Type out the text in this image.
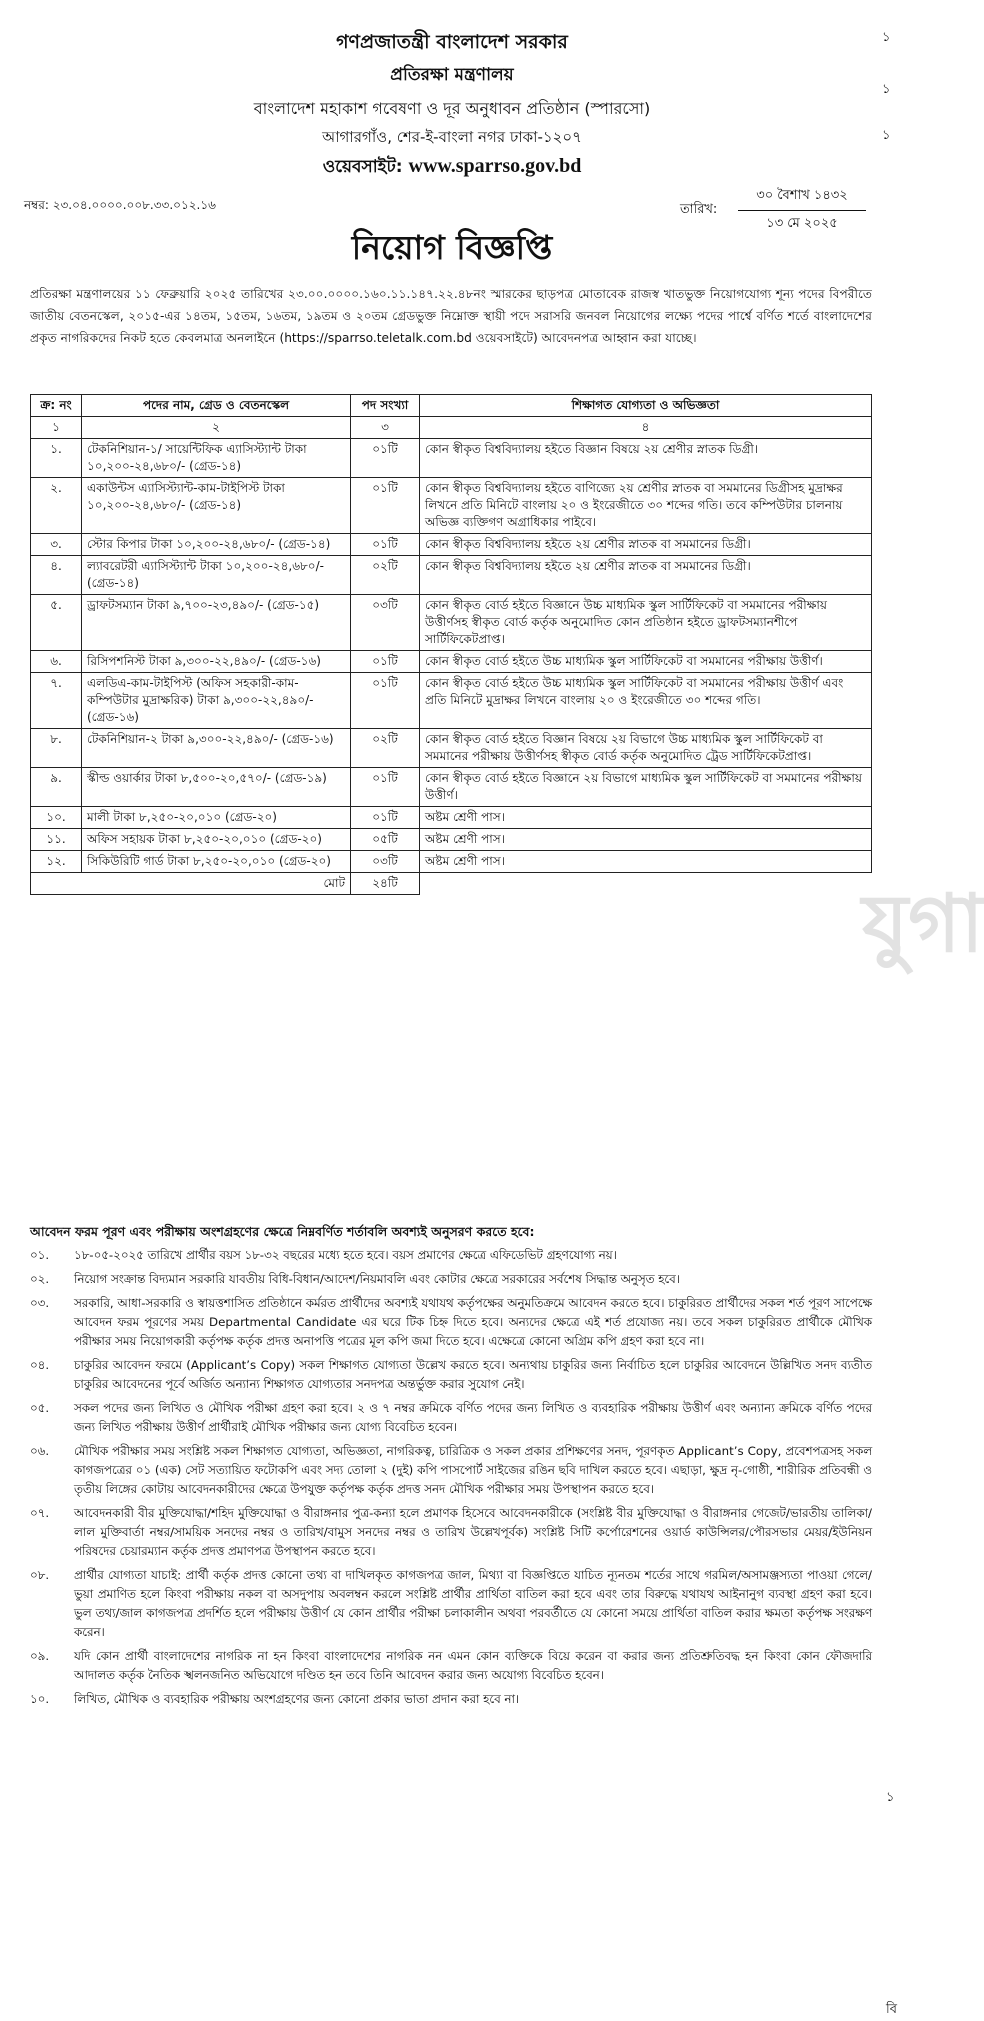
যুগা
১
১
১
১
বি
গণপ্রজাতন্ত্রী বাংলাদেশ সরকার
প্রতিরক্ষা মন্ত্রণালয়
বাংলাদেশ মহাকাশ গবেষণা ও দূর অনুধাবন প্রতিষ্ঠান (স্পারসো)
আগারগাঁও, শের-ই-বাংলা নগর ঢাকা-১২০৭
ওয়েবসাইট: www.sparrso.gov.bd
নম্বর: ২৩.০৪.০০০০.০০৮.৩৩.০১২.১৬	তারিখ:
৩০ বৈশাখ ১৪৩২
১৩ মে ২০২৫
নিয়োগ বিজ্ঞপ্তি
প্রতিরক্ষা মন্ত্রণালয়ের ১১ ফেব্রুয়ারি ২০২৫ তারিখের ২৩.০০.০০০০.১৬০.১১.১৪৭.২২.৪৮নং স্মারকের ছাড়পত্র মোতাবেক রাজস্ব খাতভুক্ত নিয়োগযোগ্য শূন্য পদের বিপরীতে জাতীয় বেতনস্কেল, ২০১৫-এর ১৪তম, ১৫তম, ১৬তম, ১৯তম ও ২০তম গ্রেডভুক্ত নিম্নোক্ত স্থায়ী পদে সরাসরি জনবল নিয়োগের লক্ষ্যে পদের পার্শ্বে বর্ণিত শর্তে বাংলাদেশের প্রকৃত নাগরিকদের নিকট হতে কেবলমাত্র অনলাইনে (https://sparrso.teletalk.com.bd ওয়েবসাইটে) আবেদনপত্র আহ্বান করা যাচ্ছে।
ক্র: নং	পদের নাম, গ্রেড ও বেতনস্কেল	পদ সংখ্যা	শিক্ষাগত যোগ্যতা ও অভিজ্ঞতা
১	২	৩	৪
১.	টেকনিশিয়ান-১/ সায়েন্টিফিক এ্যাসিস্ট্যান্ট টাকা ১০,২০০-২৪,৬৮০/- (গ্রেড-১৪)	০১টি	কোন স্বীকৃত বিশ্ববিদ্যালয় হইতে বিজ্ঞান বিষয়ে ২য় শ্রেণীর স্নাতক ডিগ্রী।
২.	একাউন্টস এ্যাসিস্ট্যান্ট-কাম-টাইপিস্ট টাকা ১০,২০০-২৪,৬৮০/- (গ্রেড-১৪)	০১টি	কোন স্বীকৃত বিশ্ববিদ্যালয় হইতে বাণিজ্যে ২য় শ্রেণীর স্নাতক বা সমমানের ডিগ্রীসহ মুদ্রাক্ষর লিখনে প্রতি মিনিটে বাংলায় ২০ ও ইংরেজীতে ৩০ শব্দের গতি। তবে কম্পিউটার চালনায় অভিজ্ঞ ব্যক্তিগণ অগ্রাধিকার পাইবে।
৩.	স্টোর কিপার টাকা ১০,২০০-২৪,৬৮০/- (গ্রেড-১৪)	০১টি	কোন স্বীকৃত বিশ্ববিদ্যালয় হইতে ২য় শ্রেণীর স্নাতক বা সমমানের ডিগ্রী।
৪.	ল্যাবরেটরী এ্যাসিস্ট্যান্ট টাকা ১০,২০০-২৪,৬৮০/- (গ্রেড-১৪)	০২টি	কোন স্বীকৃত বিশ্ববিদ্যালয় হইতে ২য় শ্রেণীর স্নাতক বা সমমানের ডিগ্রী।
৫.	ড্রাফটসম্যান টাকা ৯,৭০০-২৩,৪৯০/- (গ্রেড-১৫)	০৩টি	কোন স্বীকৃত বোর্ড হইতে বিজ্ঞানে উচ্চ মাধ্যমিক স্কুল সার্টিফিকেট বা সমমানের পরীক্ষায় উত্তীর্ণসহ স্বীকৃত বোর্ড কর্তৃক অনুমোদিত কোন প্রতিষ্ঠান হইতে ড্রাফটসম্যানশীপে সার্টিফিকেটপ্রাপ্ত।
৬.	রিসিপশনিস্ট টাকা ৯,৩০০-২২,৪৯০/- (গ্রেড-১৬)	০১টি	কোন স্বীকৃত বোর্ড হইতে উচ্চ মাধ্যমিক স্কুল সার্টিফিকেট বা সমমানের পরীক্ষায় উত্তীর্ণ।
৭.	এলডিএ-কাম-টাইপিস্ট (অফিস সহকারী-কাম-কম্পিউটার মুদ্রাক্ষরিক) টাকা ৯,৩০০-২২,৪৯০/- (গ্রেড-১৬)	০১টি	কোন স্বীকৃত বোর্ড হইতে উচ্চ মাধ্যমিক স্কুল সার্টিফিকেট বা সমমানের পরীক্ষায় উত্তীর্ণ এবং প্রতি মিনিটে মুদ্রাক্ষর লিখনে বাংলায় ২০ ও ইংরেজীতে ৩০ শব্দের গতি।
৮.	টেকনিশিয়ান-২ টাকা ৯,৩০০-২২,৪৯০/- (গ্রেড-১৬)	০২টি	কোন স্বীকৃত বোর্ড হইতে বিজ্ঞান বিষয়ে ২য় বিভাগে উচ্চ মাধ্যমিক স্কুল সার্টিফিকেট বা সমমানের পরীক্ষায় উত্তীর্ণসহ স্বীকৃত বোর্ড কর্তৃক অনুমোদিত ট্রেড সার্টিফিকেটপ্রাপ্ত।
৯.	স্কীল্ড ওয়ার্কার টাকা ৮,৫০০-২০,৫৭০/- (গ্রেড-১৯)	০১টি	কোন স্বীকৃত বোর্ড হইতে বিজ্ঞানে ২য় বিভাগে মাধ্যমিক স্কুল সার্টিফিকেট বা সমমানের পরীক্ষায় উত্তীর্ণ।
১০.	মালী টাকা ৮,২৫০-২০,০১০ (গ্রেড-২০)	০১টি	অষ্টম শ্রেণী পাস।
১১.	অফিস সহায়ক টাকা ৮,২৫০-২০,০১০ (গ্রেড-২০)	০৫টি	অষ্টম শ্রেণী পাস।
১২.	সিকিউরিটি গার্ড টাকা ৮,২৫০-২০,০১০ (গ্রেড-২০)	০৩টি	অষ্টম শ্রেণী পাস।
মোট		২৪টি	
আবেদন ফরম পূরণ এবং পরীক্ষায় অংশগ্রহণের ক্ষেত্রে নিম্নবর্ণিত শর্তাবলি অবশ্যই অনুসরণ করতে হবে:
০১.	১৮-০৫-২০২৫ তারিখে প্রার্থীর বয়স ১৮-৩২ বছরের মধ্যে হতে হবে। বয়স প্রমাণের ক্ষেত্রে এফিডেভিট গ্রহণযোগ্য নয়।
০২.	নিয়োগ সংক্রান্ত বিদ্যমান সরকারি যাবতীয় বিধি-বিধান/আদেশ/নিয়মাবলি এবং কোটার ক্ষেত্রে সরকারের সর্বশেষ সিদ্ধান্ত অনুসৃত হবে।
০৩.	সরকারি, আধা-সরকারি ও স্বায়ত্তশাসিত প্রতিষ্ঠানে কর্মরত প্রার্থীদের অবশ্যই যথাযথ কর্তৃপক্ষের অনুমতিক্রমে আবেদন করতে হবে। চাকুরিরত প্রার্থীদের সকল শর্ত পূরণ সাপেক্ষে আবেদন ফরম পূরণের সময় Departmental Candidate এর ঘরে টিক চিহ্ন দিতে হবে। অন্যদের ক্ষেত্রে এই শর্ত প্রযোজ্য নয়। তবে সকল চাকুরিরত প্রার্থীকে মৌখিক পরীক্ষার সময় নিয়োগকারী কর্তৃপক্ষ কর্তৃক প্রদত্ত অনাপত্তি পত্রের মূল কপি জমা দিতে হবে। এক্ষেত্রে কোনো অগ্রিম কপি গ্রহণ করা হবে না।
০৪.	চাকুরির আবেদন ফরমে (Applicant’s Copy) সকল শিক্ষাগত যোগ্যতা উল্লেখ করতে হবে। অন্যথায় চাকুরির জন্য নির্বাচিত হলে চাকুরির আবেদনে উল্লিখিত সনদ ব্যতীত চাকুরির আবেদনের পূর্বে অর্জিত অন্যান্য শিক্ষাগত যোগ্যতার সনদপত্র অন্তর্ভুক্ত করার সুযোগ নেই।
০৫.	সকল পদের জন্য লিখিত ও মৌখিক পরীক্ষা গ্রহণ করা হবে। ২ ও ৭ নম্বর ক্রমিকে বর্ণিত পদের জন্য লিখিত ও ব্যবহারিক পরীক্ষায় উত্তীর্ণ এবং অন্যান্য ক্রমিকে বর্ণিত পদের জন্য লিখিত পরীক্ষায় উত্তীর্ণ প্রার্থীরাই মৌখিক পরীক্ষার জন্য যোগ্য বিবেচিত হবেন।
০৬.	মৌখিক পরীক্ষার সময় সংশ্লিষ্ট সকল শিক্ষাগত যোগ্যতা, অভিজ্ঞতা, নাগরিকত্ব, চারিত্রিক ও সকল প্রকার প্রশিক্ষণের সনদ, পূরণকৃত Applicant’s Copy, প্রবেশপত্রসহ সকল কাগজপত্রের ০১ (এক) সেট সত্যায়িত ফটোকপি এবং সদ্য তোলা ২ (দুই) কপি পাসপোর্ট সাইজের রঙিন ছবি দাখিল করতে হবে। এছাড়া, ক্ষুদ্র নৃ-গোষ্ঠী, শারীরিক প্রতিবন্ধী ও তৃতীয় লিঙ্গের কোটায় আবেদনকারীদের ক্ষেত্রে উপযুক্ত কর্তৃপক্ষ কর্তৃক প্রদত্ত সনদ মৌখিক পরীক্ষার সময় উপস্থাপন করতে হবে।
০৭.	আবেদনকারী বীর মুক্তিযোদ্ধা/শহিদ মুক্তিযোদ্ধা ও বীরাঙ্গনার পুত্র-কন্যা হলে প্রমাণক হিসেবে আবেদনকারীকে (সংশ্লিষ্ট বীর মুক্তিযোদ্ধা ও বীরাঙ্গনার গেজেট/ভারতীয় তালিকা/লাল মুক্তিবার্তা নম্বর/সাময়িক সনদের নম্বর ও তারিখ/বামুস সনদের নম্বর ও তারিখ উল্লেখপূর্বক) সংশ্লিষ্ট সিটি কর্পোরেশনের ওয়ার্ড কাউন্সিলর/পৌরসভার মেয়র/ইউনিয়ন পরিষদের চেয়ারম্যান কর্তৃক প্রদত্ত প্রমাণপত্র উপস্থাপন করতে হবে।
০৮.	প্রার্থীর যোগ্যতা যাচাই: প্রার্থী কর্তৃক প্রদত্ত কোনো তথ্য বা দাখিলকৃত কাগজপত্র জাল, মিথ্যা বা বিজ্ঞপ্তিতে যাচিত ন্যূনতম শর্তের সাথে গরমিল/অসামঞ্জস্যতা পাওয়া গেলে/ভুয়া প্রমাণিত হলে কিংবা পরীক্ষায় নকল বা অসদুপায় অবলম্বন করলে সংশ্লিষ্ট প্রার্থীর প্রার্থিতা বাতিল করা হবে এবং তার বিরুদ্ধে যথাযথ আইনানুগ ব্যবস্থা গ্রহণ করা হবে। ভুল তথ্য/জাল কাগজপত্র প্রদর্শিত হলে পরীক্ষায় উত্তীর্ণ যে কোন প্রার্থীর পরীক্ষা চলাকালীন অথবা পরবর্তীতে যে কোনো সময়ে প্রার্থিতা বাতিল করার ক্ষমতা কর্তৃপক্ষ সংরক্ষণ করেন।
০৯.	যদি কোন প্রার্থী বাংলাদেশের নাগরিক না হন কিংবা বাংলাদেশের নাগরিক নন এমন কোন ব্যক্তিকে বিয়ে করেন বা করার জন্য প্রতিশ্রুতিবদ্ধ হন কিংবা কোন ফৌজদারি আদালত কর্তৃক নৈতিক স্খলনজনিত অভিযোগে দণ্ডিত হন তবে তিনি আবেদন করার জন্য অযোগ্য বিবেচিত হবেন।
১০.	লিখিত, মৌখিক ও ব্যবহারিক পরীক্ষায় অংশগ্রহণের জন্য কোনো প্রকার ভাতা প্রদান করা হবে না।
